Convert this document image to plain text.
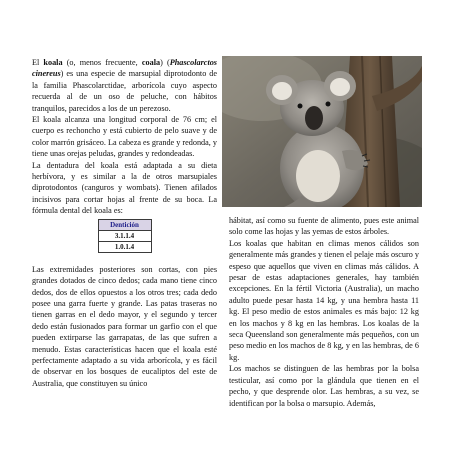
El koala (o, menos frecuente, coala) (Phascolarctos cinereus) es una especie de marsupial diprotodonto de la familia Phascolarctidae, arborícola cuyo aspecto recuerda al de un oso de peluche, con hábitos tranquilos, parecidos a los de un perezoso.

El koala alcanza una longitud corporal de 76 cm; el cuerpo es rechoncho y está cubierto de pelo suave y de color marrón grisáceo. La cabeza es grande y redonda, y tiene unas orejas peludas, grandes y redondeadas.

La dentadura del koala está adaptada a su dieta herbívora, y es similar a la de otros marsupiales diprotodontos (canguros y wombats). Tienen afilados incisivos para cortar hojas al frente de su boca. La fórmula dental del koala es:

Dentición
3.1.1.4
1.0.1.4

Las extremidades posteriores son cortas, con pies grandes dotados de cinco dedos; cada mano tiene cinco dedos, dos de ellos opuestos a los otros tres; cada dedo posee una garra fuerte y grande. Las patas traseras no tienen garras en el dedo mayor, y el segundo y tercer dedo están fusionados para formar un garfio con el que pueden extirparse las garrapatas, de las que sufren a menudo. Estas características hacen que el koala esté perfectamente adaptado a su vida arborícola, y es fácil de observar en los bosques de eucaliptos del este de Australia, que constituyen su único

hábitat, así como su fuente de alimento, pues este animal solo come las hojas y las yemas de estos árboles.

Los koalas que habitan en climas menos cálidos son generalmente más grandes y tienen el pelaje más oscuro y espeso que aquellos que viven en climas más cálidos. A pesar de estas adaptaciones generales, hay también excepciones. En la fértil Victoria (Australia), un macho adulto puede pesar hasta 14 kg, y una hembra hasta 11 kg. El peso medio de estos animales es más bajo: 12 kg en los machos y 8 kg en las hembras. Los koalas de la seca Queensland son generalmente más pequeños, con un peso medio en los machos de 8 kg, y en las hembras, de 6 kg.

Los machos se distinguen de las hembras por la bolsa testicular, así como por la glándula que tienen en el pecho, y que desprende olor. Las hembras, a su vez, se identifican por la bolsa o marsupio. Además,
